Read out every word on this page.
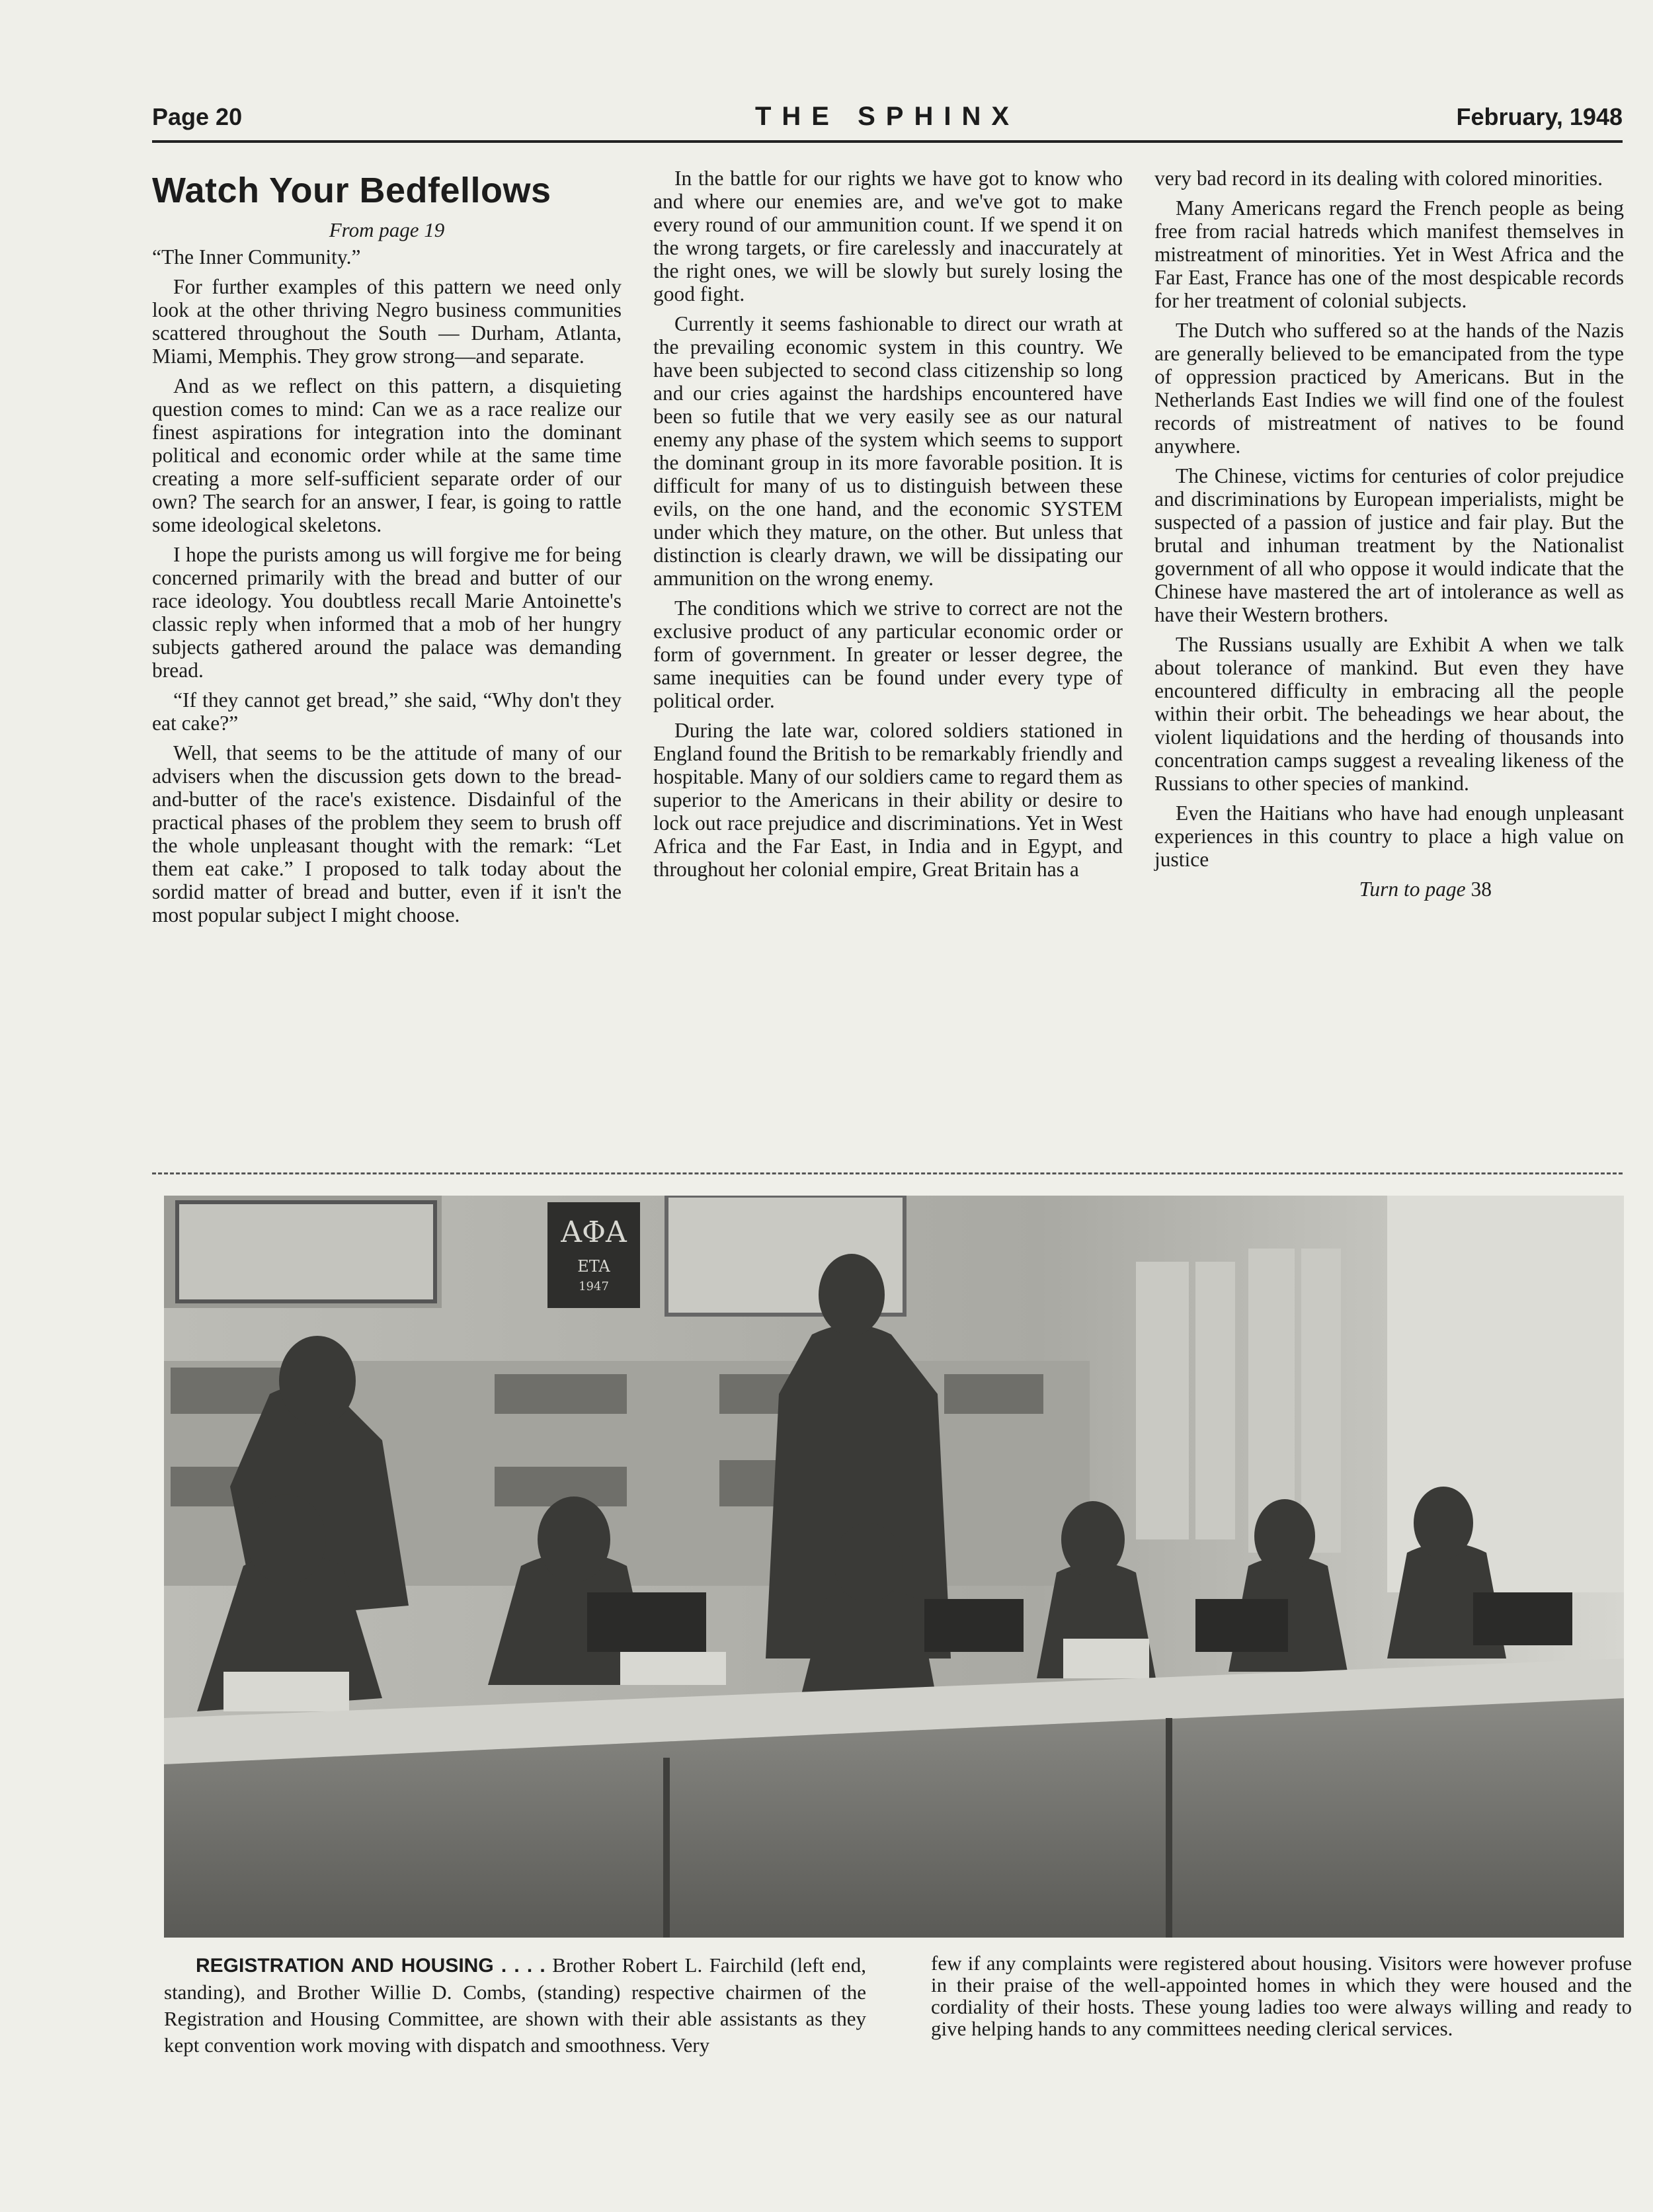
Page 20	THE SPHINX	February, 1948
Watch Your Bedfellows
From page 19

“The Inner Community.”

For further examples of this pattern we need only look at the other thriving Negro business communities scattered throughout the South — Durham, Atlanta, Miami, Memphis. They grow strong—and separate.

And as we reflect on this pattern, a disquieting question comes to mind: Can we as a race realize our finest aspirations for integration into the dominant political and economic order while at the same time creating a more self-sufficient separate order of our own? The search for an answer, I fear, is going to rattle some ideological skeletons.

I hope the purists among us will forgive me for being concerned primarily with the bread and butter of our race ideology. You doubtless recall Marie Antoinette's classic reply when informed that a mob of her hungry subjects gathered around the palace was demanding bread.

“If they cannot get bread,” she said, “Why don't they eat cake?”

Well, that seems to be the attitude of many of our advisers when the discussion gets down to the bread-and-butter of the race's existence. Disdainful of the practical phases of the problem they seem to brush off the whole unpleasant thought with the remark: “Let them eat cake.” I proposed to talk today about the sordid matter of bread and butter, even if it isn't the most popular subject I might choose.

In the battle for our rights we have got to know who and where our enemies are, and we've got to make every round of our ammunition count. If we spend it on the wrong targets, or fire carelessly and inaccurately at the right ones, we will be slowly but surely losing the good fight.

Currently it seems fashionable to direct our wrath at the prevailing economic system in this country. We have been subjected to second class citizenship so long and our cries against the hardships encountered have been so futile that we very easily see as our natural enemy any phase of the system which seems to support the dominant group in its more favorable position. It is difficult for many of us to distinguish between these evils, on the one hand, and the economic SYSTEM under which they mature, on the other. But unless that distinction is clearly drawn, we will be dissipating our ammunition on the wrong enemy.

The conditions which we strive to correct are not the exclusive product of any particular economic order or form of government. In greater or lesser degree, the same inequities can be found under every type of political order.

During the late war, colored soldiers stationed in England found the British to be remarkably friendly and hospitable. Many of our soldiers came to regard them as superior to the Americans in their ability or desire to lock out race prejudice and discriminations. Yet in West Africa and the Far East, in India and in Egypt, and throughout her colonial empire, Great Britain has a

very bad record in its dealing with colored minorities.

Many Americans regard the French people as being free from racial hatreds which manifest themselves in mistreatment of minorities. Yet in West Africa and the Far East, France has one of the most despicable records for her treatment of colonial subjects.

The Dutch who suffered so at the hands of the Nazis are generally believed to be emancipated from the type of oppression practiced by Americans. But in the Netherlands East Indies we will find one of the foulest records of mistreatment of natives to be found anywhere.

The Chinese, victims for centuries of color prejudice and discriminations by European imperialists, might be suspected of a passion of justice and fair play. But the brutal and inhuman treatment by the Nationalist government of all who oppose it would indicate that the Chinese have mastered the art of intolerance as well as have their Western brothers.

The Russians usually are Exhibit A when we talk about tolerance of mankind. But even they have encountered difficulty in embracing all the people within their orbit. The beheadings we hear about, the violent liquidations and the herding of thousands into concentration camps suggest a revealing likeness of the Russians to other species of mankind.

Even the Haitians who have had enough unpleasant experiences in this country to place a high value on justice

Turn to page 38
ΑΦΑ
ETA
1947
REGISTRATION AND HOUSING . . . . Brother Robert L. Fairchild (left end, standing), and Brother Willie D. Combs, (standing) respective chairmen of the Registration and Housing Committee, are shown with their able assistants as they kept convention work moving with dispatch and smoothness. Very
few if any complaints were registered about housing. Visitors were however profuse in their praise of the well-appointed homes in which they were housed and the cordiality of their hosts. These young ladies too were always willing and ready to give helping hands to any committees needing clerical services.
